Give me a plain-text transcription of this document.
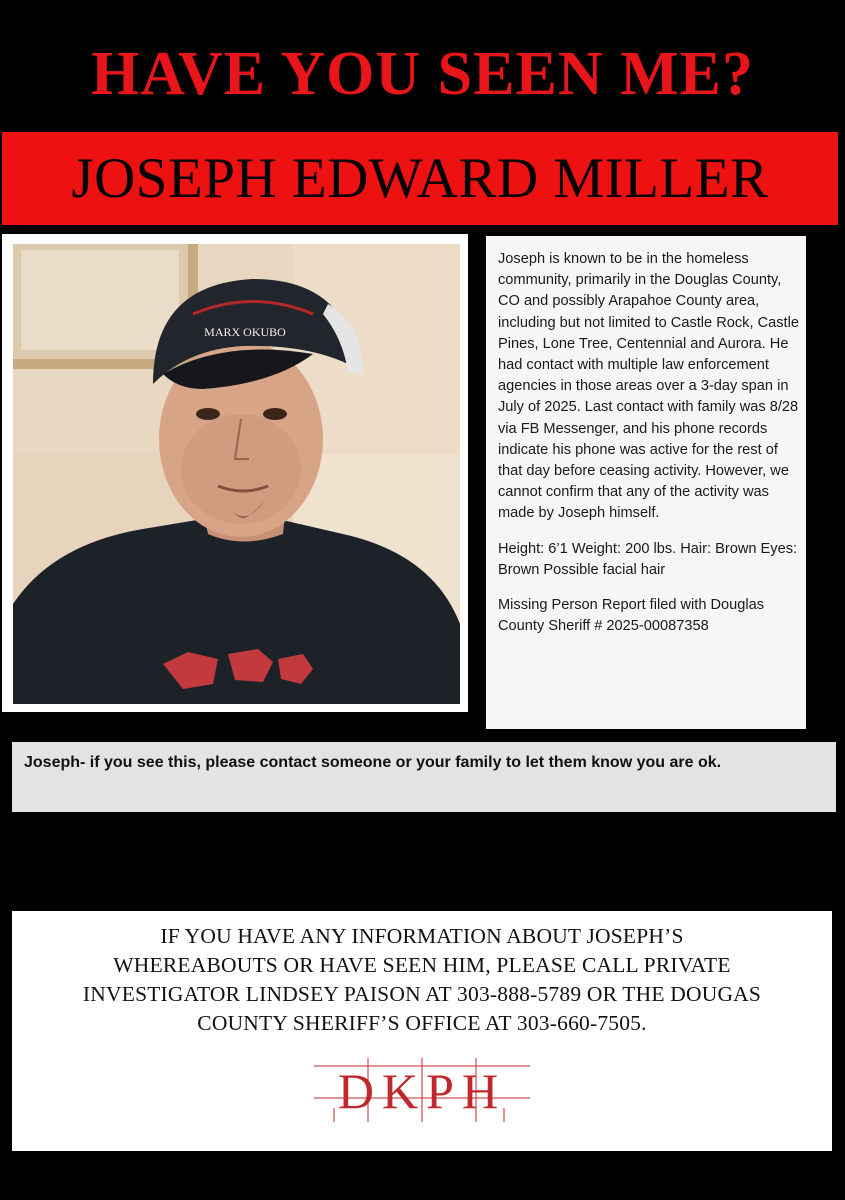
HAVE YOU SEEN ME?
JOSEPH EDWARD MILLER
MARX OKUBO

Joseph is known to be in the homeless community, primarily in the Douglas County, CO and possibly Arapahoe County area, including but not limited to Castle Rock, Castle Pines, Lone Tree, Centennial and Aurora. He had contact with multiple law enforcement agencies in those areas over a 3-day span in July of 2025. Last contact with family was 8/28 via FB Messenger, and his phone records indicate his phone was active for the rest of that day before ceasing activity. However, we cannot confirm that any of the activity was made by Joseph himself.

Height: 6’1 Weight: 200 lbs. Hair: Brown Eyes: Brown Possible facial hair

Missing Person Report filed with Douglas County Sheriff # 2025-00087358

Joseph- if you see this, please contact someone or your family to let them know you are ok.
IF YOU HAVE ANY INFORMATION ABOUT JOSEPH’S
WHEREABOUTS OR HAVE SEEN HIM, PLEASE CALL PRIVATE
INVESTIGATOR LINDSEY PAISON AT 303-888-5789 OR THE DOUGAS
COUNTY SHERIFF’S OFFICE AT 303-660-7505.
DKPH
